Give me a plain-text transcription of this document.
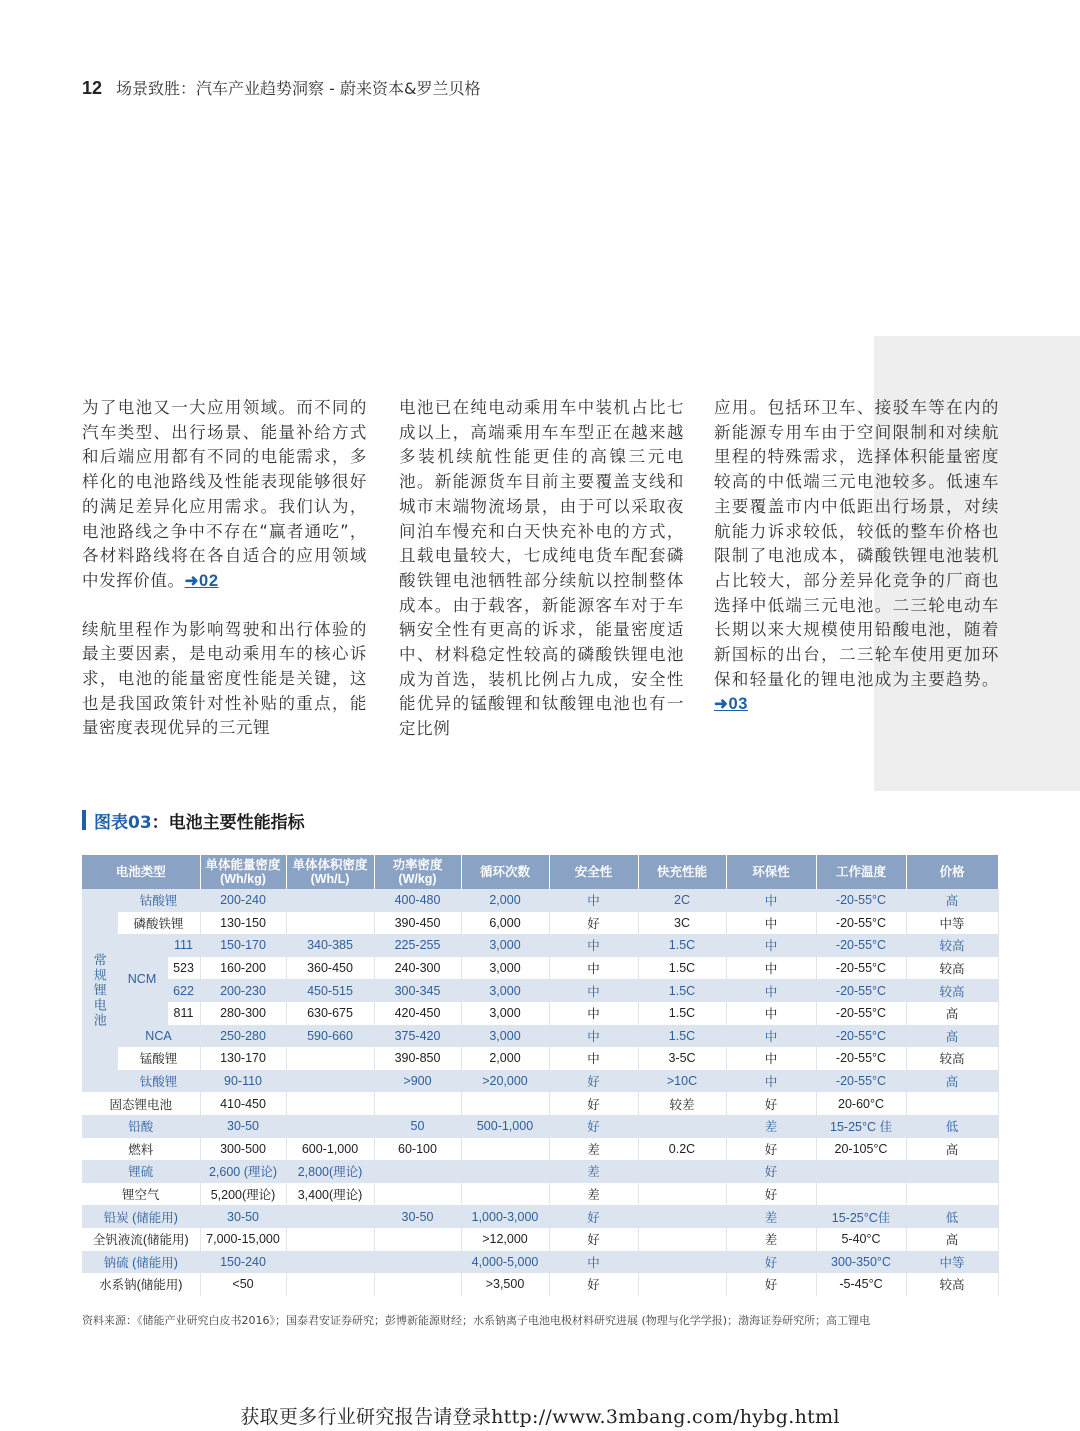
12 场景致胜：汽车产业趋势洞察 - 蔚来资本&罗兰贝格

为了电池又一大应用领域。而不同的汽车类型、出行场景、能量补给方式和后端应用都有不同的电能需求，多样化的电池路线及性能表现能够很好的满足差异化应用需求。我们认为，电池路线之争中不存在“赢者通吃”，各材料路线将在各自适合的应用领域中发挥价值。➜02

续航里程作为影响驾驶和出行体验的最主要因素，是电动乘用车的核心诉求，电池的能量密度性能是关键，这也是我国政策针对性补贴的重点，能量密度表现优异的三元锂

电池已在纯电动乘用车中装机占比七成以上，高端乘用车车型正在越来越多装机续航性能更佳的高镍三元电池。新能源货车目前主要覆盖支线和城市末端物流场景，由于可以采取夜间泊车慢充和白天快充补电的方式，且载电量较大，七成纯电货车配套磷酸铁锂电池牺牲部分续航以控制整体成本。由于载客，新能源客车对于车辆安全性有更高的诉求，能量密度适中、材料稳定性较高的磷酸铁锂电池成为首选，装机比例占九成，安全性能优异的锰酸锂和钛酸锂电池也有一定比例

应用。包括环卫车、接驳车等在内的新能源专用车由于空间限制和对续航里程的特殊需求，选择体积能量密度较高的中低端三元电池较多。低速车主要覆盖市内中低距出行场景，对续航能力诉求较低，较低的整车价格也限制了电池成本，磷酸铁锂电池装机占比较大，部分差异化竞争的厂商也选择中低端三元电池。二三轮电动车长期以来大规模使用铅酸电池，随着新国标的出台，二三轮车使用更加环保和轻量化的锂电池成为主要趋势。➜03

图表03：电池主要性能指标
电池类型			单体能量密度 (Wh/kg)	单体体积密度 (Wh/L)	功率密度 (W/kg)	循环次数	安全性	快充性能	环保性	工作温度	价格
常规锂电池	钴酸锂		200-240		400-480	2,000	中	2C	中	-20-55°C	高
	磷酸铁锂		130-150		390-450	6,000	好	3C	中	-20-55°C	中等
	NCM	111	150-170	340-385	225-255	3,000	中	1.5C	中	-20-55°C	较高
		523	160-200	360-450	240-300	3,000	中	1.5C	中	-20-55°C	较高
		622	200-230	450-515	300-345	3,000	中	1.5C	中	-20-55°C	较高
		811	280-300	630-675	420-450	3,000	中	1.5C	中	-20-55°C	高
	NCA		250-280	590-660	375-420	3,000	中	1.5C	中	-20-55°C	高
	锰酸锂		130-170		390-850	2,000	中	3-5C	中	-20-55°C	较高
	钛酸锂		90-110		>900	>20,000	好	>10C	中	-20-55°C	高
固态锂电池			410-450				好	较差	好	20-60°C	
铅酸			30-50		50	500-1,000	好		差	15-25°C 佳	低
燃料			300-500	600-1,000	60-100		差	0.2C	好	20-105°C	高
锂硫			2,600 (理论)	2,800(理论)			差		好		
锂空气			5,200(理论)	3,400(理论)			差		好		
铅炭 (储能用)			30-50		30-50	1,000-3,000	好		差	15-25°C佳	低
全钒液流(储能用)			7,000-15,000			>12,000	好		差	5-40°C	高
钠硫 (储能用)			150-240			4,000-5,000	中		好	300-350°C	中等
水系钠(储能用)			<50			>3,500	好		好	-5-45°C	较高
资料来源：《储能产业研究白皮书2016》；国泰君安证券研究；彭博新能源财经；水系钠离子电池电极材料研究进展 (物理与化学学报)；渤海证券研究所；高工锂电
获取更多行业研究报告请登录http://www.3mbang.com/hybg.html
